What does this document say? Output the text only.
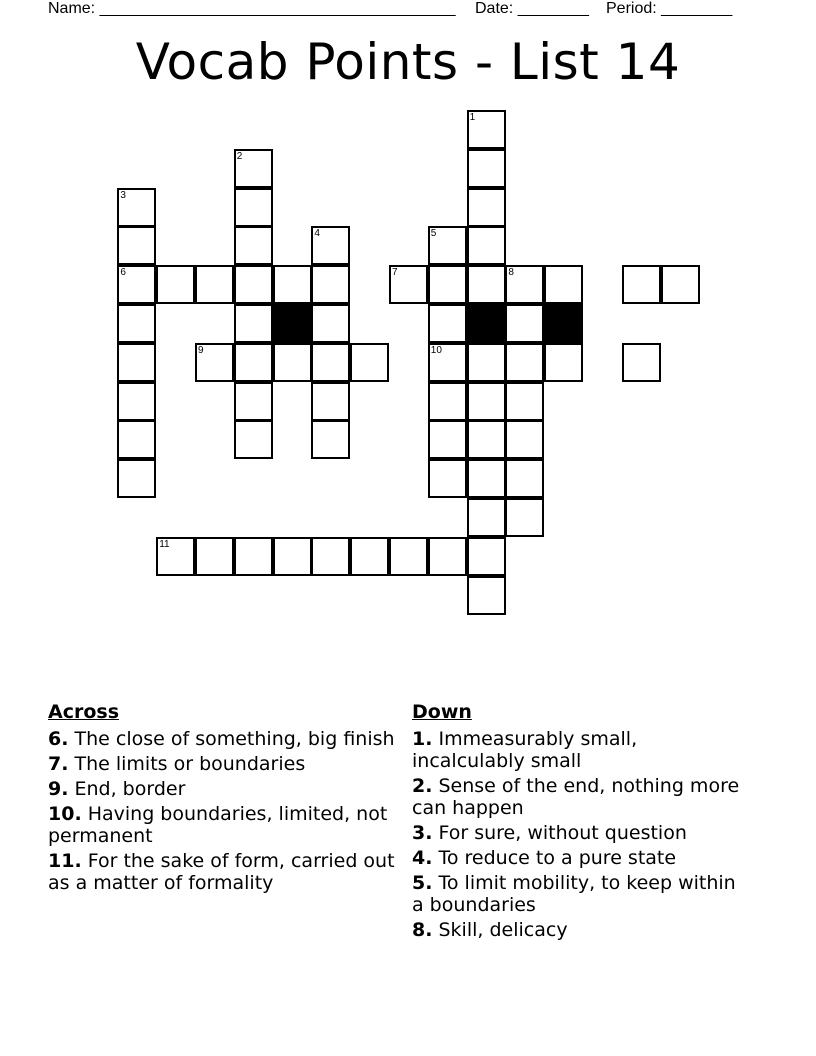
Name: ________________________________________

Date: ________

Period: ________

Vocab Points - List 14
1
2
3
6
4	5
10
7	8
9
11
Across
6. The close of something, big finish
7. The limits or boundaries
9. End, border
10. Having boundaries, limited, not permanent
11. For the sake of form, carried out as a matter of formality
Down
1. Immeasurably small, incalculably small
2. Sense of the end, nothing more can happen
3. For sure, without question
4. To reduce to a pure state
5. To limit mobility, to keep within a boundaries
8. Skill, delicacy
